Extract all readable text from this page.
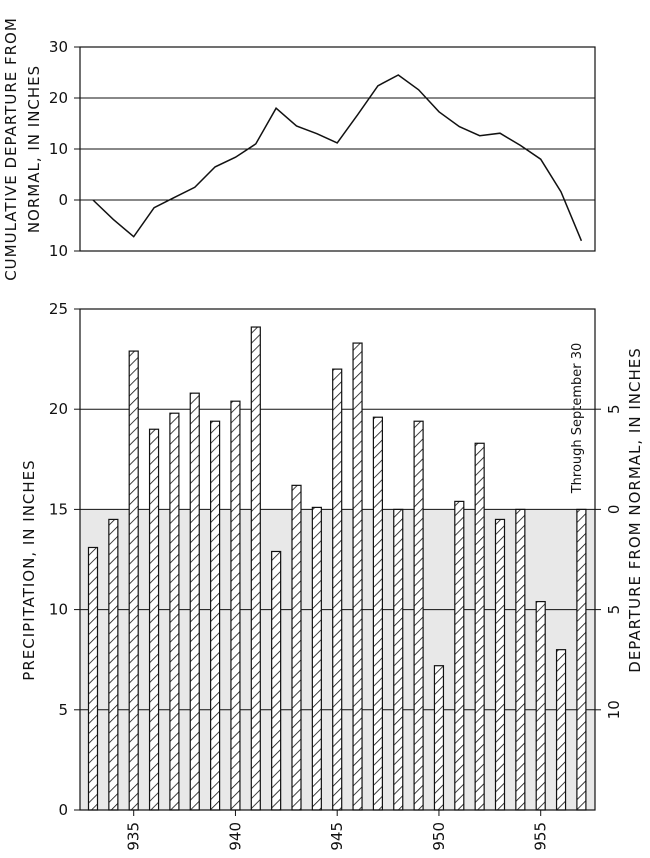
30
20
10
0
10
CUMULATIVE DEPARTURE FROM NORMAL, IN INCHES
0
5
10
15
20
25
5
0
5
10
935	940	945	950	955
PRECIPITATION, IN INCHES	DEPARTURE FROM NORMAL, IN INCHES
Through September 30
